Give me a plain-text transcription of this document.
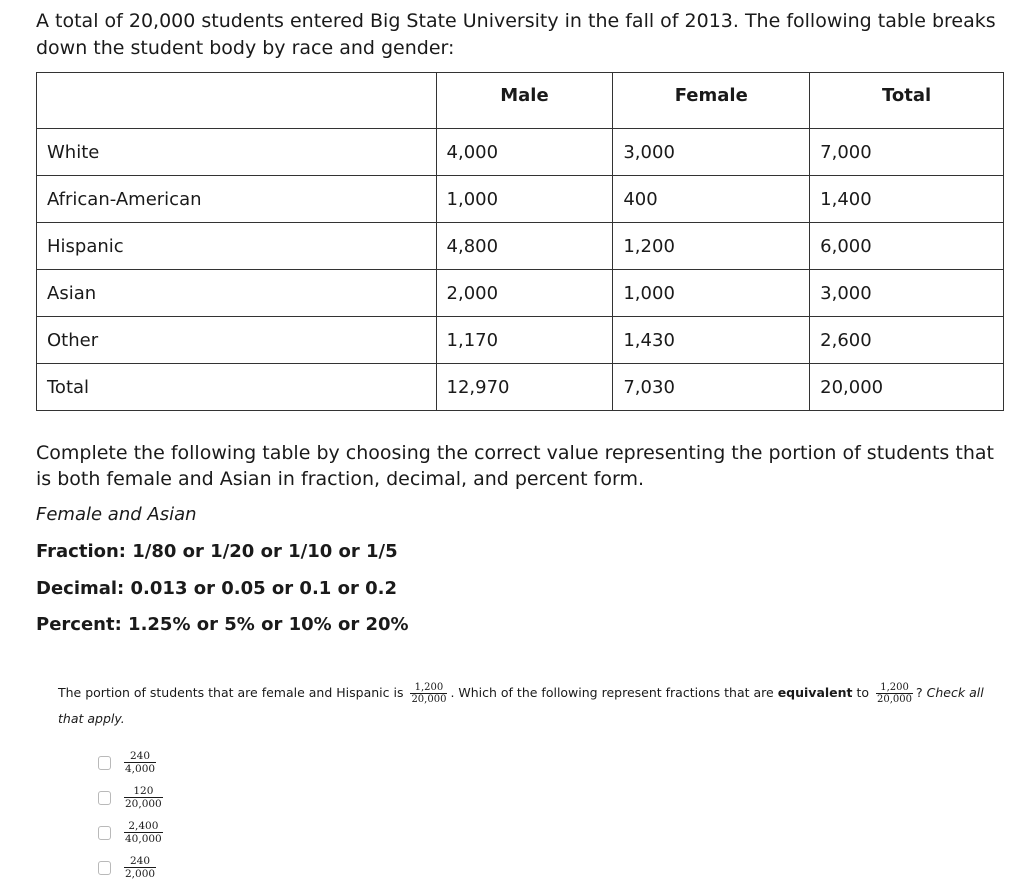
A total of 20,000 students entered Big State University in the fall of 2013. The following table breaks down the student body by race and gender:

	Male	Female	Total
White	4,000	3,000	7,000
African-American	1,000	400	1,400
Hispanic	4,800	1,200	6,000
Asian	2,000	1,000	3,000
Other	1,170	1,430	2,600
Total	12,970	7,030	20,000

Complete the following table by choosing the correct value representing the portion of students that is both female and Asian in fraction, decimal, and percent form.

Female and Asian
Fraction: 1/80 or 1/20 or 1/10 or 1/5
Decimal: 0.013 or 0.05 or 0.1 or 0.2
Percent: 1.25% or 5% or 10% or 20%
The portion of students that are female and Hispanic is $\frac{1,200}{20,000}$ . Which of the following represent fractions that are equivalent to $\frac{1,200}{20,000}$ ? Check all that apply.
$\frac{240}{4,000}$
$\frac{120}{20,000}$
$\frac{2,400}{40,000}$
$\frac{240}{2,000}$
